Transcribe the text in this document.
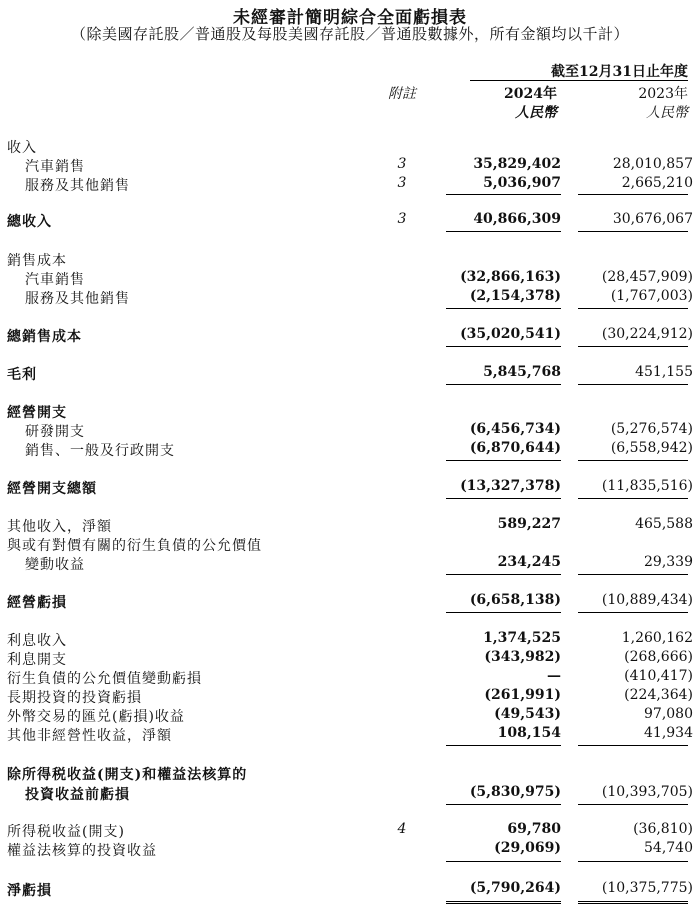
未經審計簡明綜合全面虧損表
（除美國存託股／普通股及每股美國存託股／普通股數據外，所有金額均以千計）
截至12月31日止年度
附註	2024年	2023年
人民幣	人民幣
收入
汽車銷售	3	35,829,402	28,010,857
服務及其他銷售	3	5,036,907	2,665,210
總收入	3	40,866,309	30,676,067
銷售成本
汽車銷售	(32,866,163)	(28,457,909)
服務及其他銷售	(2,154,378)	(1,767,003)
總銷售成本	(35,020,541)	(30,224,912)
毛利	5,845,768	451,155
經營開支
研發開支	(6,456,734)	(5,276,574)
銷售、一般及行政開支	(6,870,644)	(6,558,942)
經營開支總額	(13,327,378)	(11,835,516)
其他收入，淨額	589,227	465,588
與或有對價有關的衍生負債的公允價值
變動收益	234,245	29,339
經營虧損	(6,658,138)	(10,889,434)
利息收入	1,374,525	1,260,162
利息開支	(343,982)	(268,666)
衍生負債的公允價值變動虧損	—	(410,417)
長期投資的投資虧損	(261,991)	(224,364)
外幣交易的匯兑(虧損)收益	(49,543)	97,080
其他非經營性收益，淨額	108,154	41,934
除所得税收益(開支)和權益法核算的
投資收益前虧損	(5,830,975)	(10,393,705)
所得税收益(開支)	4	69,780	(36,810)
權益法核算的投資收益	(29,069)	54,740
淨虧損	(5,790,264)	(10,375,775)
